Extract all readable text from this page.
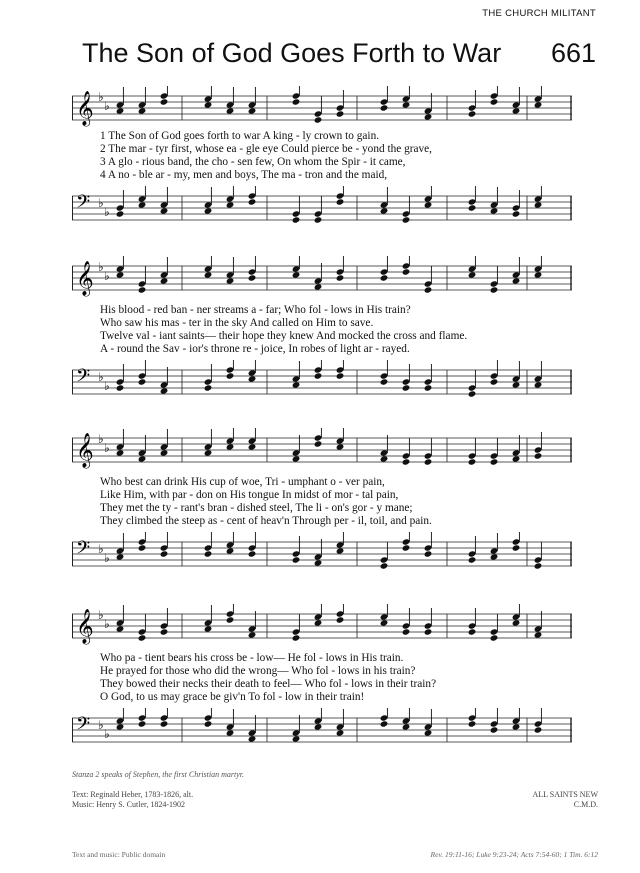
THE CHURCH MILITANT
The Son of God Goes Forth to War 661
𝄞 ♭
♭
1 The Son of God goes forth to war A king - ly crown to gain.
2 The mar - tyr first, whose ea - gle eye Could pierce be - yond the grave,
3 A glo - rious band, the cho - sen few, On whom the Spir - it came,
4 A no - ble ar - my, men and boys, The ma - tron and the maid,
𝄢 ♭
♭
𝄞 ♭
♭
His blood - red ban - ner streams a - far; Who fol - lows in His train?
Who saw his mas - ter in the sky And called on Him to save.
Twelve val - iant saints— their hope they knew And mocked the cross and flame.
A - round the Sav - ior's throne re - joice, In robes of light ar - rayed.
𝄢 ♭
♭
𝄞 ♭
♭
Who best can drink His cup of woe, Tri - umphant o - ver pain,
Like Him, with par - don on His tongue In midst of mor - tal pain,
They met the ty - rant's bran - dished steel, The li - on's gor - y mane;
They climbed the steep as - cent of heav'n Through per - il, toil, and pain.
𝄢 ♭
♭
𝄞 ♭
♭
Who pa - tient bears his cross be - low— He fol - lows in His train.
He prayed for those who did the wrong— Who fol - lows in his train?
They bowed their necks their death to feel— Who fol - lows in their train?
O God, to us may grace be giv'n To fol - low in their train!
𝄢 ♭
♭
Stanza 2 speaks of Stephen, the first Christian martyr.
Text: Reginald Heber, 1783-1826, alt.
Music: Henry S. Cutler, 1824-1902
ALL SAINTS NEW
C.M.D.
Text and music: Public domain	Rev. 19:11-16; Luke 9:23-24; Acts 7:54-60; 1 Tim. 6:12
